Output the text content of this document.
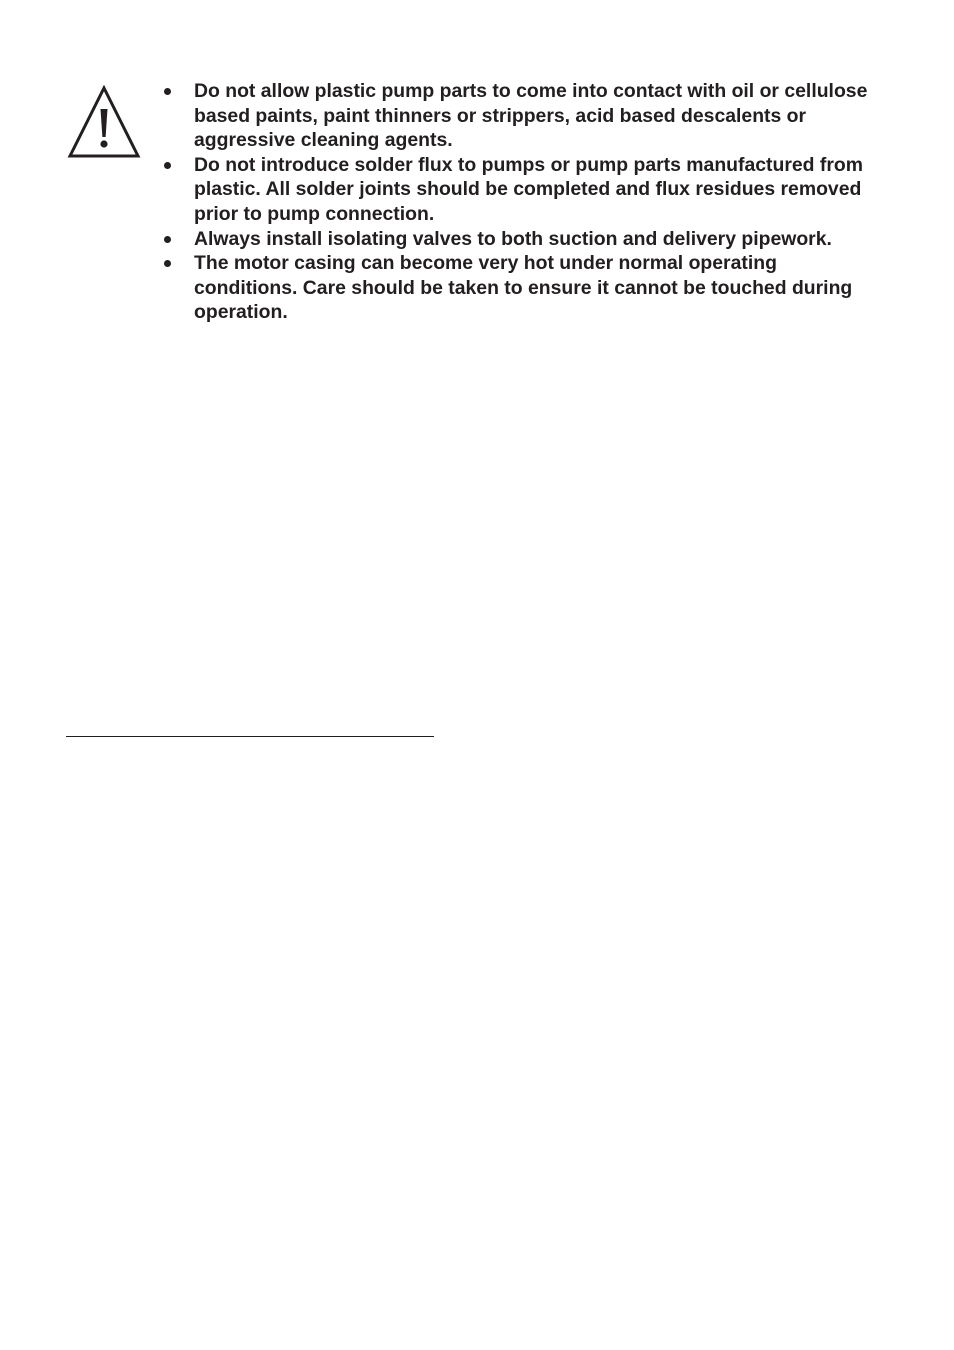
Do not allow plastic pump parts to come into contact with oil or cellulose based paints, paint thinners or strippers, acid based descalents or aggressive cleaning agents.
Do not introduce solder flux to pumps or pump parts manufactured from plastic. All solder joints should be completed and flux residues removed prior to pump connection.
Always install isolating valves to both suction and delivery pipework.
The motor casing can become very hot under normal operating conditions. Care should be taken to ensure it cannot be touched during operation.
